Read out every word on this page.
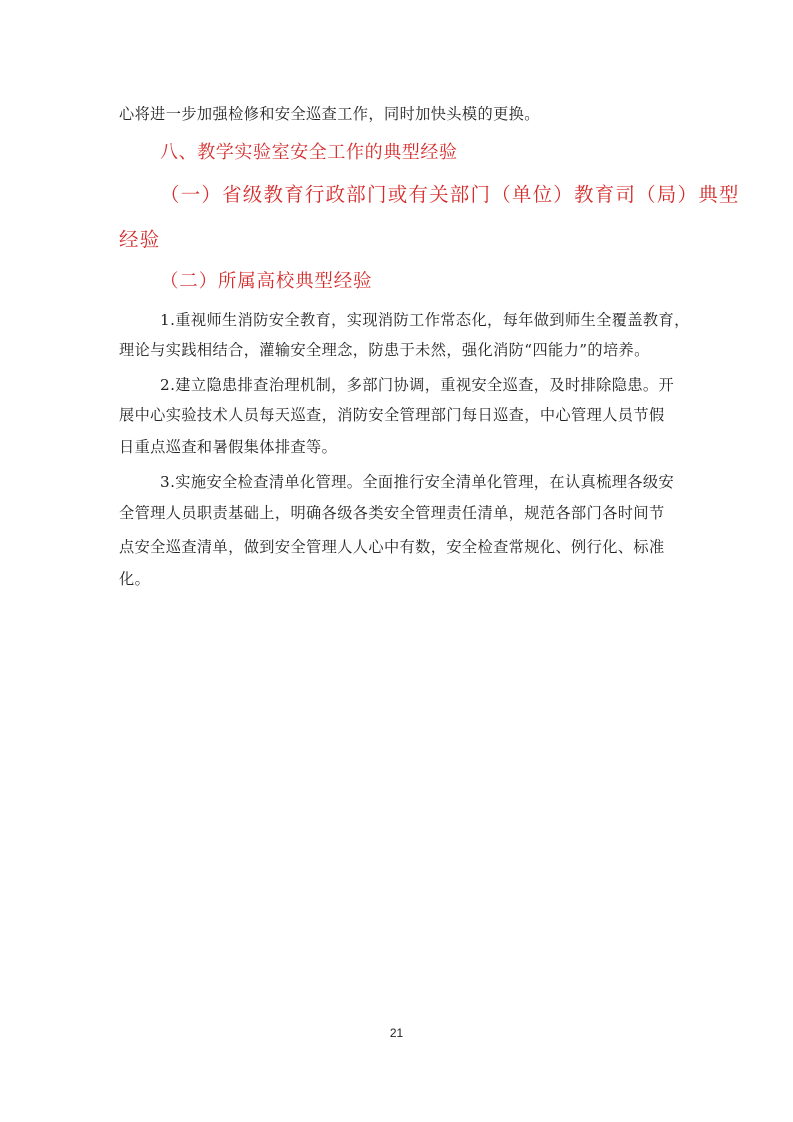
心将进一步加强检修和安全巡查工作，同时加快头模的更换。
八、教学实验室安全工作的典型经验
（一）省级教育行政部门或有关部门（单位）教育司（局）典型
经验
（二）所属高校典型经验
1.重视师生消防安全教育，实现消防工作常态化，每年做到师生全覆盖教育，
理论与实践相结合，灌输安全理念，防患于未然，强化消防“四能力”的培养。
2.建立隐患排查治理机制，多部门协调，重视安全巡查，及时排除隐患。开
展中心实验技术人员每天巡查，消防安全管理部门每日巡查，中心管理人员节假
日重点巡查和暑假集体排查等。
3.实施安全检查清单化管理。全面推行安全清单化管理，在认真梳理各级安
全管理人员职责基础上，明确各级各类安全管理责任清单，规范各部门各时间节
点安全巡查清单，做到安全管理人人心中有数，安全检查常规化、例行化、标准
化。
21
